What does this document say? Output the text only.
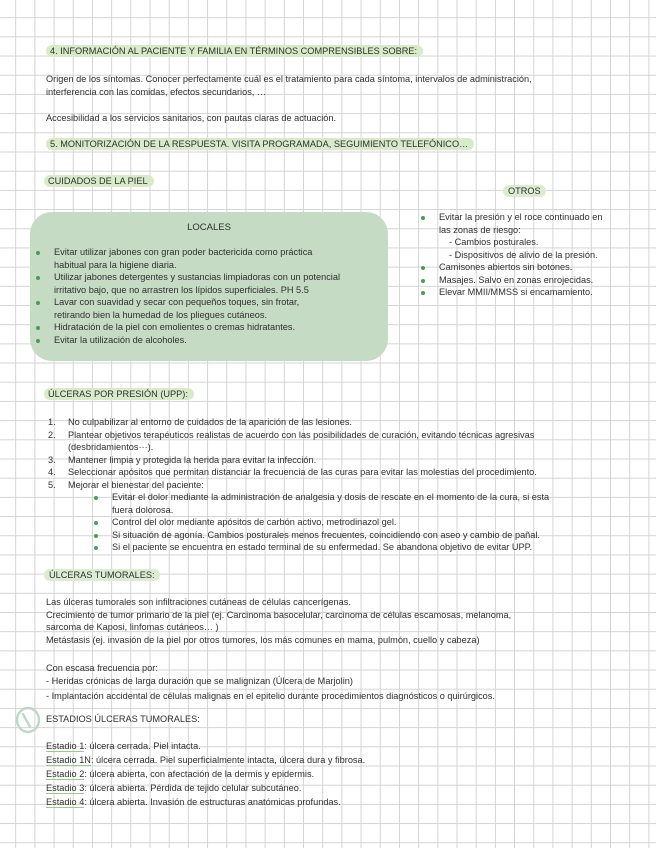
4. INFORMACIÓN AL PACIENTE Y FAMILIA EN TÉRMINOS COMPRENSIBLES SOBRE:
Origen de los síntomas. Conocer perfectamente cuál es el tratamiento para cada síntoma, intervalos de administración,
interferencia con las comidas, efectos secundarios, …
Accesibilidad a los servicios sanitarios, con pautas claras de actuación.
5. MONITORIZACIÓN DE LA RESPUESTA. VISITA PROGRAMADA, SEGUIMIENTO TELEFÓNICO…
CUIDADOS DE LA PIEL
LOCALES
Evitar utilizar jabones con gran poder bactericida como práctica
habitual para la higiene diaria.
Utilizar jabones detergentes y sustancias limpiadoras con un potencial
irritativo bajo, que no arrastren los lípidos superficiales. PH 5.5
Lavar con suavidad y secar con pequeños toques, sin frotar,
retirando bien la humedad de los pliegues cutáneos.
Hidratación de la piel con emolientes o cremas hidratantes.
Evitar la utilización de alcoholes.
OTROS
Evitar la presión y el roce continuado en
las zonas de riesgo:
- Cambios posturales.
- Dispositivos de alivio de la presión.
Camisones abiertos sin botones.
Masajes. Salvo en zonas enrojecidas.
Elevar MMII/MMSS si encamamiento.
ÚLCERAS POR PRESIÓN (UPP):
1. No culpabilizar al entorno de cuidados de la aparición de las lesiones.
2. Plantear objetivos terapéuticos realistas de acuerdo con las posibilidades de curación, evitando técnicas agresivas
(desbridamientos···).
3. Mantener limpia y protegida la herida para evitar la infección.
4. Seleccionar apósitos que permitan distanciar la frecuencia de las curas para evitar las molestias del procedimiento.
5. Mejorar el bienestar del paciente:
Evitar el dolor mediante la administración de analgesia y dosis de rescate en el momento de la cura, si esta
fuera dolorosa.
Control del olor mediante apósitos de carbón activo, metrodinazol gel.
Si situación de agonía. Cambios posturales menos frecuentes, coincidiendo con aseo y cambio de pañal.
Si el paciente se encuentra en estado terminal de su enfermedad. Se abandona objetivo de evitar UPP.
ÚLCERAS TUMORALES:
Las úlceras tumorales son infiltraciones cutáneas de células cancerígenas.
Crecimiento de tumor primario de la piel (ej. Carcinoma basocelular, carcinoma de células escamosas, melanoma,
sarcoma de Kaposi, linfomas cutáneos… )
Metástasis (ej. invasión de la piel por otros tumores, los más comunes en mama, pulmón, cuello y cabeza)
Con escasa frecuencia por:
- Heridas crónicas de larga duración que se malignizan (Úlcera de Marjolin)
- Implantación accidental de células malignas en el epitelio durante procedimientos diagnósticos o quirúrgicos.
ESTADIOS ÚLCERAS TUMORALES:
Estadio 1: úlcera cerrada. Piel intacta.
Estadio 1N: úlcera cerrada. Piel superficialmente intacta, úlcera dura y fibrosa.
Estadio 2: úlcera abierta, con afectación de la dermis y epidermis.
Estadio 3: úlcera abierta. Pérdida de tejido celular subcutáneo.
Estadio 4: úlcera abierta. Invasión de estructuras anatómicas profundas.
